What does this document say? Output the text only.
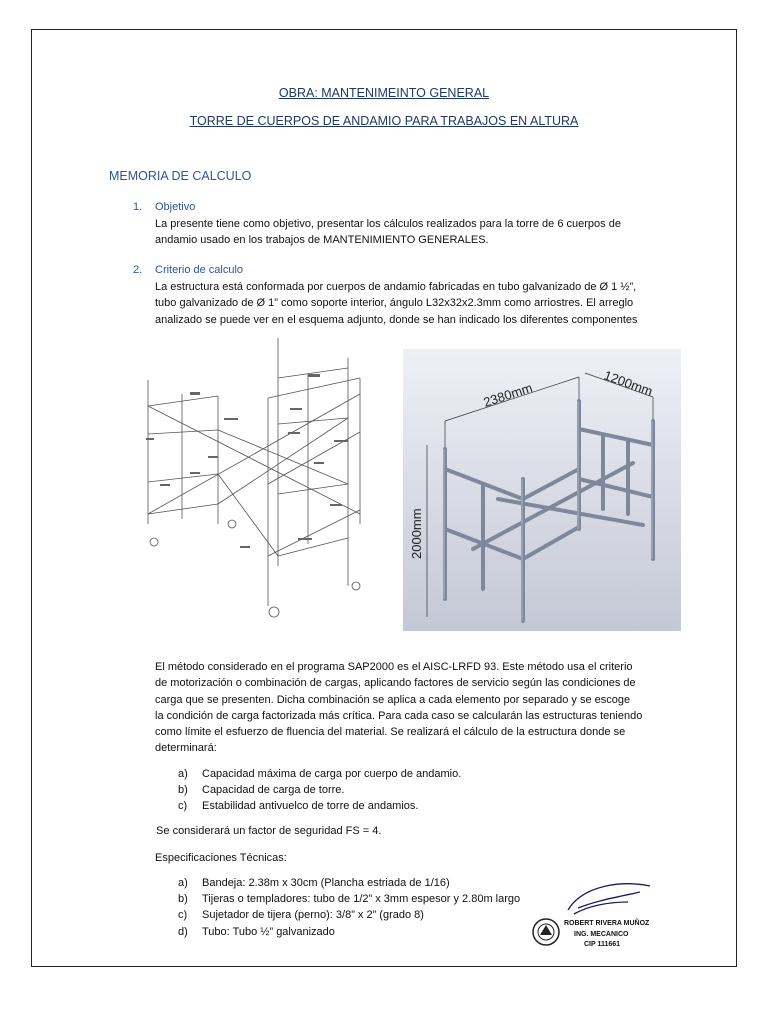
OBRA: MANTENIMEINTO GENERAL
TORRE DE CUERPOS DE ANDAMIO PARA TRABAJOS EN ALTURA
MEMORIA DE CALCULO
1. Objetivo
La presente tiene como objetivo, presentar los cálculos realizados para la torre de 6 cuerpos de
andamio usado en los trabajos de MANTENIMIENTO GENERALES.
2. Criterio de calculo
La estructura está conformada por cuerpos de andamio fabricadas en tubo galvanizado de Ø 1 ½”,
tubo galvanizado de Ø 1” como soporte interior, ángulo L32x32x2.3mm como arriostres. El arreglo
analizado se puede ver en el esquema adjunto, donde se han indicado los diferentes componentes
2380mm	1200mm
2000mm
El método considerado en el programa SAP2000 es el AISC-LRFD 93. Este método usa el criterio
de motorización o combinación de cargas, aplicando factores de servicio según las condiciones de
carga que se presenten. Dicha combinación se aplica a cada elemento por separado y se escoge
la condición de carga factorizada más crítica. Para cada caso se calcularán las estructuras teniendo
como límite el esfuerzo de fluencia del material. Se realizará el cálculo de la estructura donde se
determinará:
a) Capacidad máxima de carga por cuerpo de andamio.
b) Capacidad de carga de torre.
c) Estabilidad antivuelco de torre de andamios.
Se considerará un factor de seguridad FS = 4.
Especificaciones Técnicas:
a) Bandeja: 2.38m x 30cm (Plancha estriada de 1/16)
b) Tijeras o templadores: tubo de 1/2” x 3mm espesor y 2.80m largo
c) Sujetador de tijera (perno): 3/8” x 2” (grado 8)
d) Tubo: Tubo ½” galvanizado
ROBERT RIVERA MUÑOZ
ING. MECANICO
CIP 111661
